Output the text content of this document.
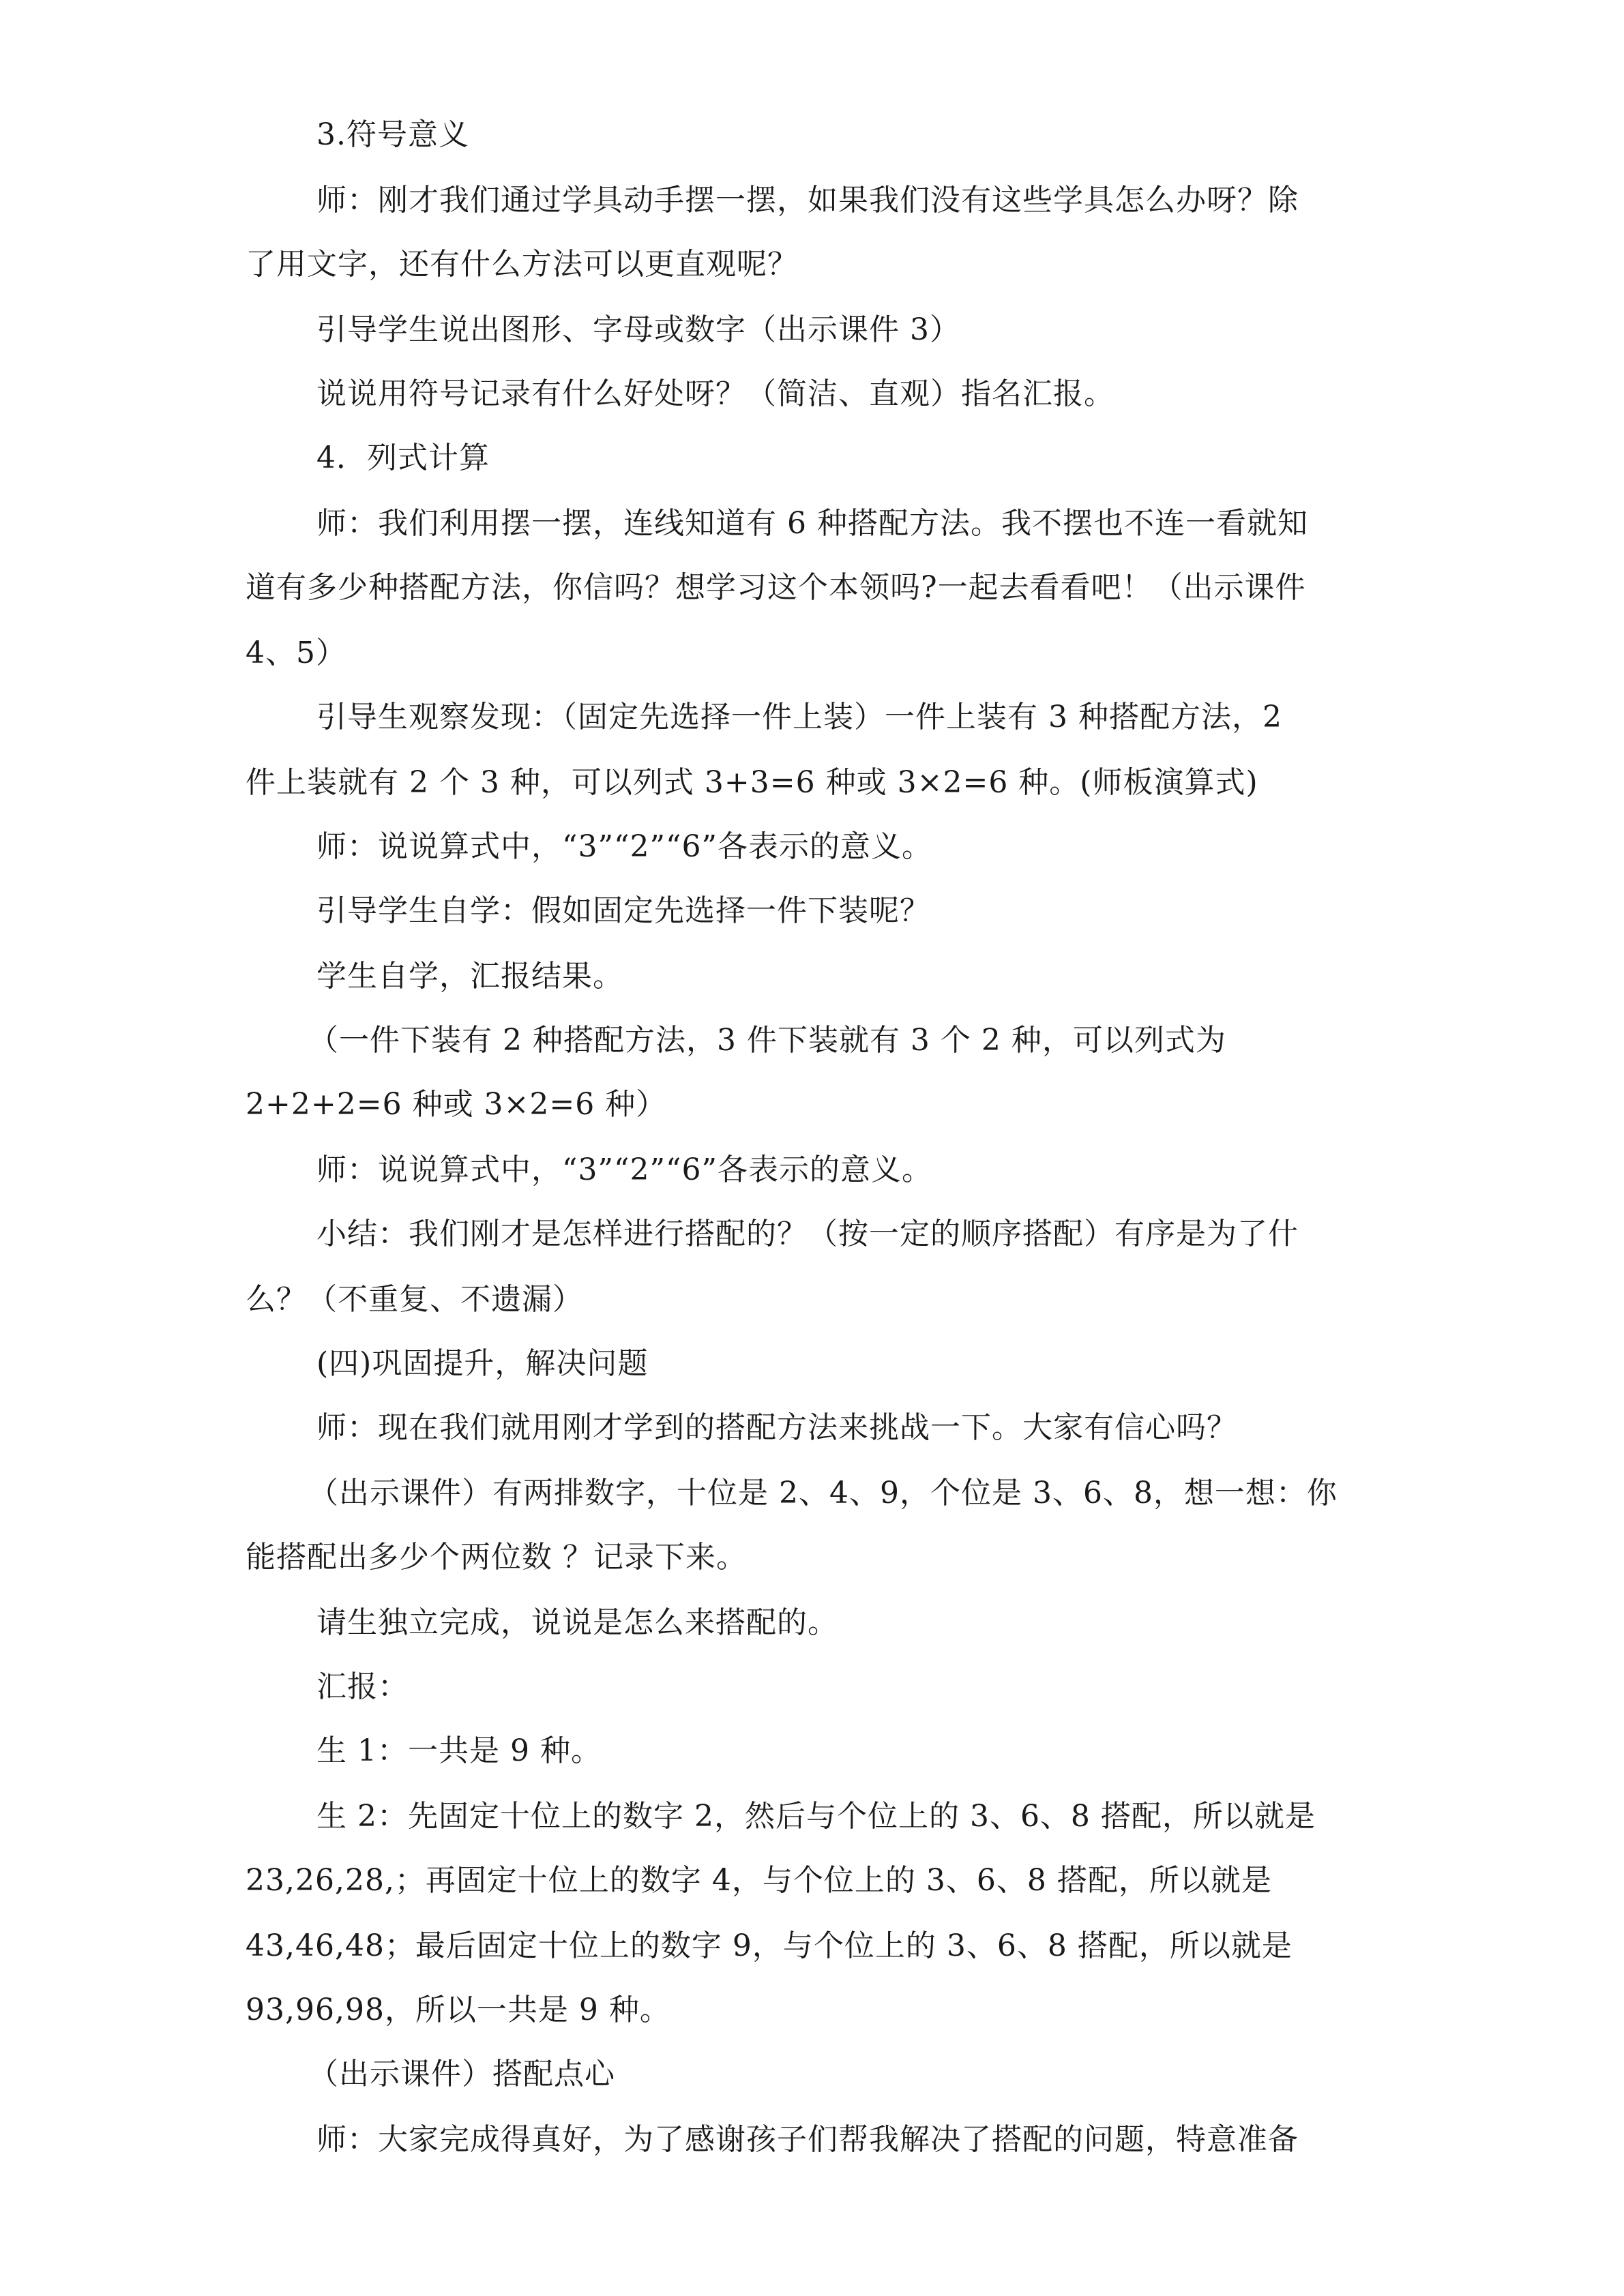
3.符号意义
师：刚才我们通过学具动手摆一摆，如果我们没有这些学具怎么办呀？除
了用文字，还有什么方法可以更直观呢？
引导学生说出图形、字母或数字（出示课件 3）
说说用符号记录有什么好处呀？（简洁、直观）指名汇报。
4．列式计算
师：我们利用摆一摆，连线知道有 6 种搭配方法。我不摆也不连一看就知
道有多少种搭配方法，你信吗？想学习这个本领吗?一起去看看吧！（出示课件
4、5）
引导生观察发现：（固定先选择一件上装）一件上装有 3 种搭配方法，2
件上装就有 2 个 3 种，可以列式 3+3=6 种或 3×2=6 种。(师板演算式)
师：说说算式中，“3”“2”“6”各表示的意义。
引导学生自学：假如固定先选择一件下装呢？
学生自学，汇报结果。
（一件下装有 2 种搭配方法，3 件下装就有 3 个 2 种，可以列式为
2+2+2=6 种或 3×2=6 种）
师：说说算式中，“3”“2”“6”各表示的意义。
小结：我们刚才是怎样进行搭配的？（按一定的顺序搭配）有序是为了什
么？（不重复、不遗漏）
(四)巩固提升，解决问题
师：现在我们就用刚才学到的搭配方法来挑战一下。大家有信心吗？
（出示课件）有两排数字，十位是 2、4、9，个位是 3、6、8，想一想：你
能搭配出多少个两位数 ？记录下来。
请生独立完成，说说是怎么来搭配的。
汇报：
生 1：一共是 9 种。
生 2：先固定十位上的数字 2，然后与个位上的 3、6、8 搭配，所以就是
23,26,28,；再固定十位上的数字 4，与个位上的 3、6、8 搭配，所以就是
43,46,48；最后固定十位上的数字 9，与个位上的 3、6、8 搭配，所以就是
93,96,98，所以一共是 9 种。
（出示课件）搭配点心
师：大家完成得真好，为了感谢孩子们帮我解决了搭配的问题，特意准备
